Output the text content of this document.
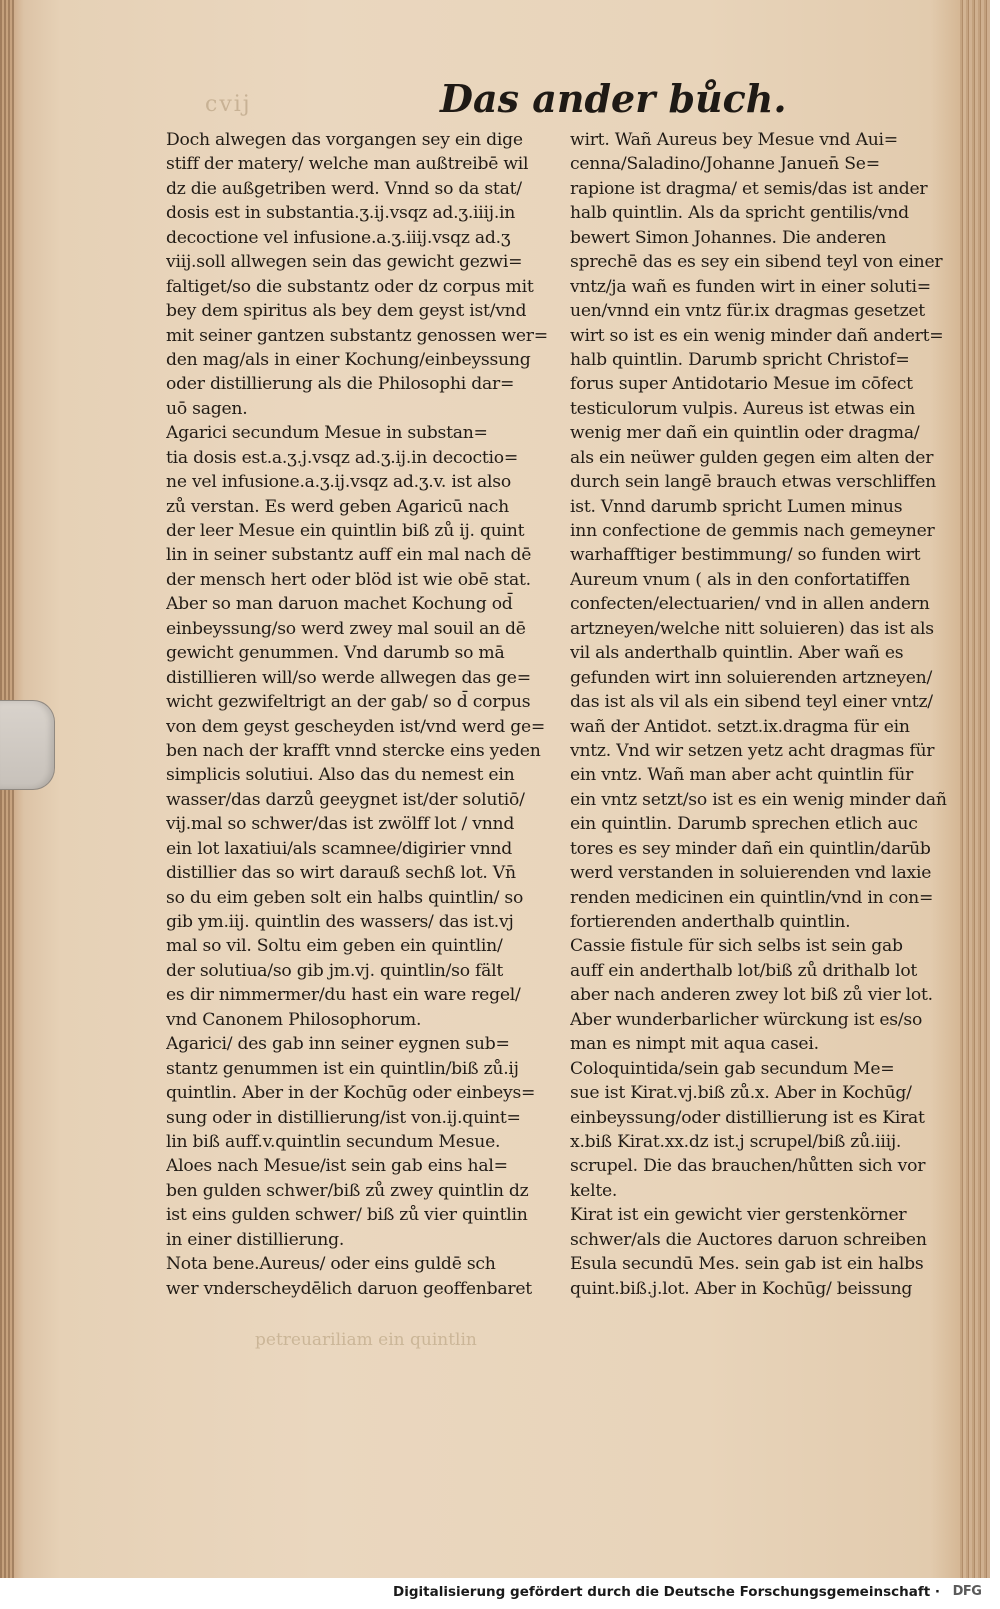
cvij	Das ander bůch.
Doch alwegen das vorgangen sey ein dige
stiff der matery/ welche man außtreibē wil
dz die außgetriben werd. Vnnd so da stat/
dosis est in substantia.ʒ.ij.vsqz ad.ʒ.iiij.in
decoctione vel infusione.a.ʒ.iiij.vsqz ad.ʒ
viij.soll allwegen sein das gewicht gezwi=
faltiget/so die substantz oder dz corpus mit
bey dem spiritus als bey dem geyst ist/vnd
mit seiner gantzen substantz genossen wer=
den mag/als in einer Kochung/einbeyssung
oder distillierung als die Philosophi dar=
uō sagen.
Agarici secundum Mesue in substan=
tia dosis est.a.ʒ.j.vsqz ad.ʒ.ij.in decoctio=
ne vel infusione.a.ʒ.ij.vsqz ad.ʒ.v. ist also
zů verstan. Es werd geben Agaricū nach
der leer Mesue ein quintlin biß zů ij. quint
lin in seiner substantz auff ein mal nach dē
der mensch hert oder blöd ist wie obē stat.
Aber so man daruon machet Kochung od̄
einbeyssung/so werd zwey mal souil an dē
gewicht genummen. Vnd darumb so mā
distillieren will/so werde allwegen das ge=
wicht gezwifeltrigt an der gab/ so d̄ corpus
von dem geyst gescheyden ist/vnd werd ge=
ben nach der krafft vnnd stercke eins yeden
simplicis solutiui. Also das du nemest ein
wasser/das darzů geeygnet ist/der solutiō/
vij.mal so schwer/das ist zwölff lot / vnnd
ein lot laxatiui/als scamnee/digirier vnnd
distillier das so wirt darauß sechß lot. Vn̄
so du eim geben solt ein halbs quintlin/ so
gib ym.iij. quintlin des wassers/ das ist.vj
mal so vil. Soltu eim geben ein quintlin/
der solutiua/so gib jm.vj. quintlin/so fält
es dir nimmermer/du hast ein ware regel/
vnd Canonem Philosophorum.
Agarici/ des gab inn seiner eygnen sub=
stantz genummen ist ein quintlin/biß zů.ij
quintlin. Aber in der Kochūg oder einbeys=
sung oder in distillierung/ist von.ij.quint=
lin biß auff.v.quintlin secundum Mesue.
Aloes nach Mesue/ist sein gab eins hal=
ben gulden schwer/biß zů zwey quintlin dz
ist eins gulden schwer/ biß zů vier quintlin
in einer distillierung.
Nota bene.Aureus/ oder eins guldē sch
wer vnderscheydēlich daruon geoffenbaret
wirt. Wañ Aureus bey Mesue vnd Aui=
cenna/Saladino/Johanne Januen̄ Se=
rapione ist dragma/ et semis/das ist ander
halb quintlin. Als da spricht gentilis/vnd
bewert Simon Johannes. Die anderen
sprechē das es sey ein sibend teyl von einer
vntz/ja wañ es funden wirt in einer soluti=
uen/vnnd ein vntz für.ix dragmas gesetzet
wirt so ist es ein wenig minder dañ andert=
halb quintlin. Darumb spricht Christof=
forus super Antidotario Mesue im cōfect
testiculorum vulpis. Aureus ist etwas ein
wenig mer dañ ein quintlin oder dragma/
als ein neüwer gulden gegen eim alten der
durch sein langē brauch etwas verschliffen
ist. Vnnd darumb spricht Lumen minus
inn confectione de gemmis nach gemeyner
warhafftiger bestimmung/ so funden wirt
Aureum vnum ( als in den confortatiffen
confecten/electuarien/ vnd in allen andern
artzneyen/welche nitt soluieren) das ist als
vil als anderthalb quintlin. Aber wañ es
gefunden wirt inn soluierenden artzneyen/
das ist als vil als ein sibend teyl einer vntz/
wañ der Antidot. setzt.ix.dragma für ein
vntz. Vnd wir setzen yetz acht dragmas für
ein vntz. Wañ man aber acht quintlin für
ein vntz setzt/so ist es ein wenig minder dañ
ein quintlin. Darumb sprechen etlich auc
tores es sey minder dañ ein quintlin/darūb
werd verstanden in soluierenden vnd laxie
renden medicinen ein quintlin/vnd in con=
fortierenden anderthalb quintlin.
Cassie fistule für sich selbs ist sein gab
auff ein anderthalb lot/biß zů drithalb lot
aber nach anderen zwey lot biß zů vier lot.
Aber wunderbarlicher würckung ist es/so
man es nimpt mit aqua casei.
Coloquintida/sein gab secundum Me=
sue ist Kirat.vj.biß zů.x. Aber in Kochūg/
einbeyssung/oder distillierung ist es Kirat
x.biß Kirat.xx.dz ist.j scrupel/biß zů.iiij.
scrupel. Die das brauchen/hůtten sich vor
kelte.
Kirat ist ein gewicht vier gerstenkörner
schwer/als die Auctores daruon schreiben
Esula secundū Mes. sein gab ist ein halbs
quint.biß.j.lot. Aber in Kochūg/ beissung
petreuariliam ein quintlin
Digitalisierung gefördert durch die Deutsche Forschungsgemeinschaft · DFG
